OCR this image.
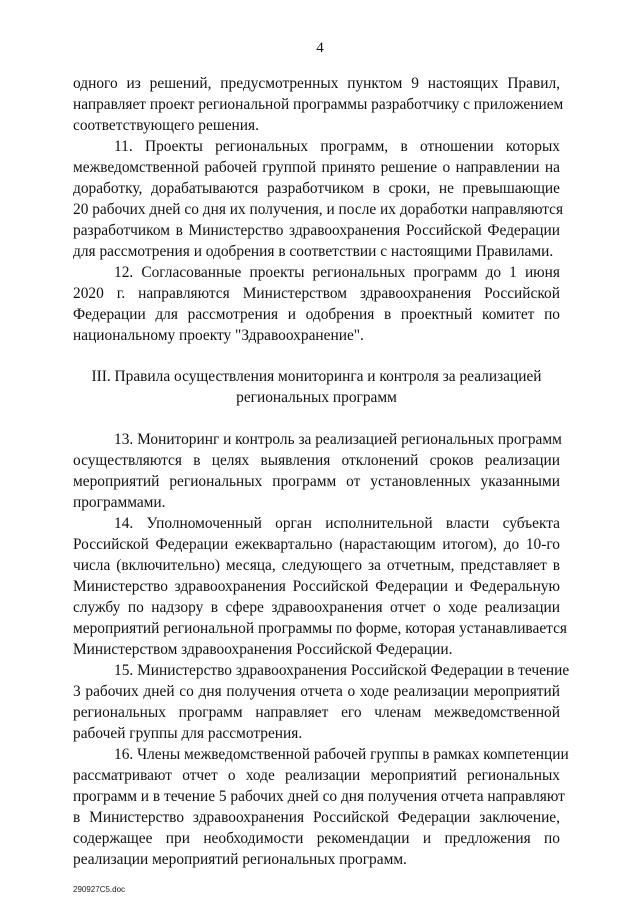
4
одного из решений, предусмотренных пунктом 9 настоящих Правил,
направляет проект региональной программы разработчику с приложением
соответствующего решения.
11. Проекты региональных программ, в отношении которых
межведомственной рабочей группой принято решение о направлении на
доработку, дорабатываются разработчиком в сроки, не превышающие
20 рабочих дней со дня их получения, и после их доработки направляются
разработчиком в Министерство здравоохранения Российской Федерации
для рассмотрения и одобрения в соответствии с настоящими Правилами.
12. Согласованные проекты региональных программ до 1 июня
2020 г. направляются Министерством здравоохранения Российской
Федерации для рассмотрения и одобрения в проектный комитет по
национальному проекту "Здравоохранение".
III. Правила осуществления мониторинга и контроля за реализацией
региональных программ
13. Мониторинг и контроль за реализацией региональных программ
осуществляются в целях выявления отклонений сроков реализации
мероприятий региональных программ от установленных указанными
программами.
14. Уполномоченный орган исполнительной власти субъекта
Российской Федерации ежеквартально (нарастающим итогом), до 10-го
числа (включительно) месяца, следующего за отчетным, представляет в
Министерство здравоохранения Российской Федерации и Федеральную
службу по надзору в сфере здравоохранения отчет о ходе реализации
мероприятий региональной программы по форме, которая устанавливается
Министерством здравоохранения Российской Федерации.
15. Министерство здравоохранения Российской Федерации в течение
3 рабочих дней со дня получения отчета о ходе реализации мероприятий
региональных программ направляет его членам межведомственной
рабочей группы для рассмотрения.
16. Члены межведомственной рабочей группы в рамках компетенции
рассматривают отчет о ходе реализации мероприятий региональных
программ и в течение 5 рабочих дней со дня получения отчета направляют
в Министерство здравоохранения Российской Федерации заключение,
содержащее при необходимости рекомендации и предложения по
реализации мероприятий региональных программ.
290927C5.doc
